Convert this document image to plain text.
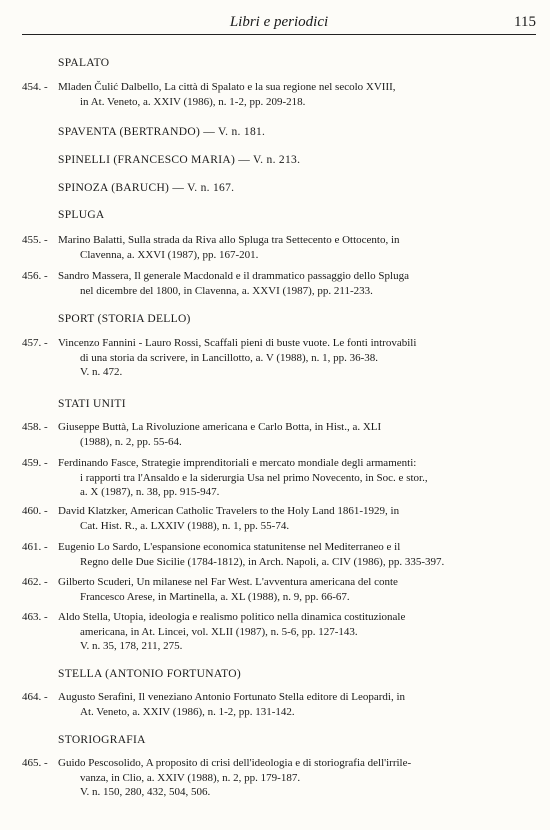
Libri e periodici	115
SPALATO
454. - Mladen Čulić Dalbello, La città di Spalato e la sua regione nel secolo XVIII,
in At. Veneto, a. XXIV (1986), n. 1-2, pp. 209-218.
SPAVENTA (BERTRANDO) — V. n. 181.
SPINELLI (FRANCESCO MARIA) — V. n. 213.
SPINOZA (BARUCH) — V. n. 167.
SPLUGA
455. - Marino Balatti, Sulla strada da Riva allo Spluga tra Settecento e Ottocento, in
Clavenna, a. XXVI (1987), pp. 167-201.
456. - Sandro Massera, Il generale Macdonald e il drammatico passaggio dello Spluga
nel dicembre del 1800, in Clavenna, a. XXVI (1987), pp. 211-233.
SPORT (STORIA DELLO)
457. - Vincenzo Fannini - Lauro Rossi, Scaffali pieni di buste vuote. Le fonti introvabili
di una storia da scrivere, in Lancillotto, a. V (1988), n. 1, pp. 36-38.
V. n. 472.
STATI UNITI
458. - Giuseppe Buttà, La Rivoluzione americana e Carlo Botta, in Hist., a. XLI
(1988), n. 2, pp. 55-64.
459. - Ferdinando Fasce, Strategie imprenditoriali e mercato mondiale degli armamenti:
i rapporti tra l'Ansaldo e la siderurgia Usa nel primo Novecento, in Soc. e stor.,
a. X (1987), n. 38, pp. 915-947.
460. - David Klatzker, American Catholic Travelers to the Holy Land 1861-1929, in
Cat. Hist. R., a. LXXIV (1988), n. 1, pp. 55-74.
461. - Eugenio Lo Sardo, L'espansione economica statunitense nel Mediterraneo e il
Regno delle Due Sicilie (1784-1812), in Arch. Napoli, a. CIV (1986), pp. 335-397.
462. - Gilberto Scuderi, Un milanese nel Far West. L'avventura americana del conte
Francesco Arese, in Martinella, a. XL (1988), n. 9, pp. 66-67.
463. - Aldo Stella, Utopia, ideologia e realismo politico nella dinamica costituzionale
americana, in At. Lincei, vol. XLII (1987), n. 5-6, pp. 127-143.
V. n. 35, 178, 211, 275.
STELLA (ANTONIO FORTUNATO)
464. - Augusto Serafini, Il veneziano Antonio Fortunato Stella editore di Leopardi, in
At. Veneto, a. XXIV (1986), n. 1-2, pp. 131-142.
STORIOGRAFIA
465. - Guido Pescosolido, A proposito di crisi dell'ideologia e di storiografia dell'irrile-
vanza, in Clio, a. XXIV (1988), n. 2, pp. 179-187.
V. n. 150, 280, 432, 504, 506.
